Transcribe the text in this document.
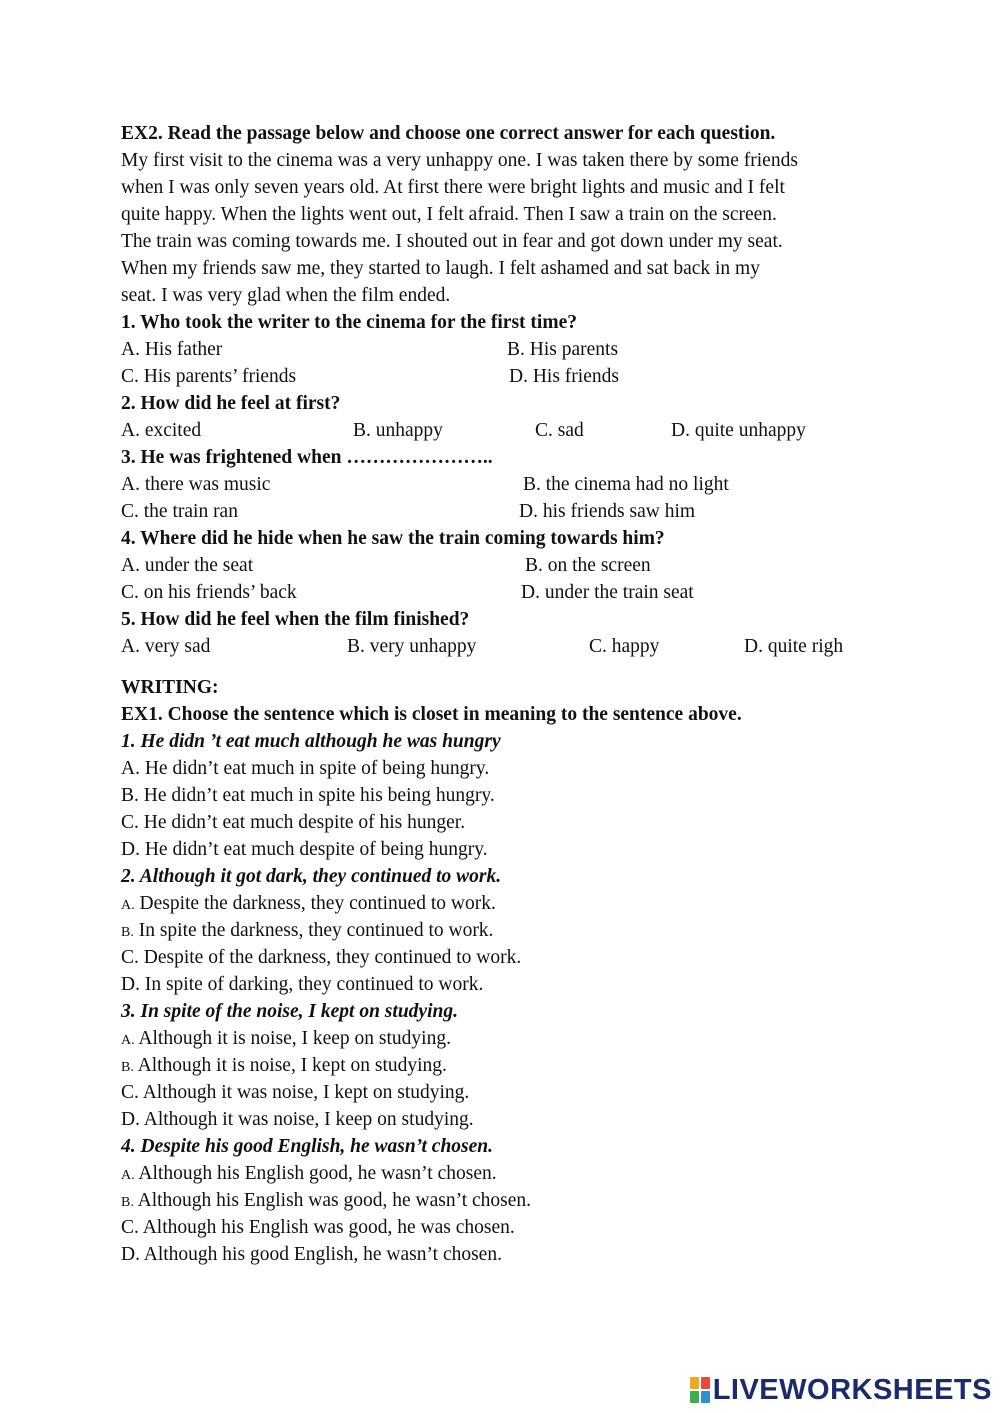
EX2. Read the passage below and choose one correct answer for each question.
My first visit to the cinema was a very unhappy one. I was taken there by some friends
when I was only seven years old. At first there were bright lights and music and I felt
quite happy. When the lights went out, I felt afraid. Then I saw a train on the screen.
The train was coming towards me. I shouted out in fear and got down under my seat.
When my friends saw me, they started to laugh. I felt ashamed and sat back in my
seat. I was very glad when the film ended.
1. Who took the writer to the cinema for the first time?
A. His father	B. His parents
C. His parents’ friends	D. His friends
2. How did he feel at first?
A. excited	B. unhappy	C. sad	D. quite unhappy
3. He was frightened when …………………..
A. there was music	B. the cinema had no light
C. the train ran	D. his friends saw him
4. Where did he hide when he saw the train coming towards him?
A. under the seat	B. on the screen
C. on his friends’ back	D. under the train seat
5. How did he feel when the film finished?
A. very sad	B. very unhappy	C. happy	D. quite righ
WRITING:
EX1. Choose the sentence which is closet in meaning to the sentence above.
1. He didn ’t eat much although he was hungry
A. He didn’t eat much in spite of being hungry.
B. He didn’t eat much in spite his being hungry.
C. He didn’t eat much despite of his hunger.
D. He didn’t eat much despite of being hungry.
2. Although it got dark, they continued to work.
A. Despite the darkness, they continued to work.
B. In spite the darkness, they continued to work.
C. Despite of the darkness, they continued to work.
D. In spite of darking, they continued to work.
3. In spite of the noise, I kept on studying.
A. Although it is noise, I keep on studying.
B. Although it is noise, I kept on studying.
C. Although it was noise, I kept on studying.
D. Although it was noise, I keep on studying.
4. Despite his good English, he wasn’t chosen.
A. Although his English good, he wasn’t chosen.
B. Although his English was good, he wasn’t chosen.
C. Although his English was good, he was chosen.
D. Although his good English, he wasn’t chosen.
LIVEWORKSHEETS
